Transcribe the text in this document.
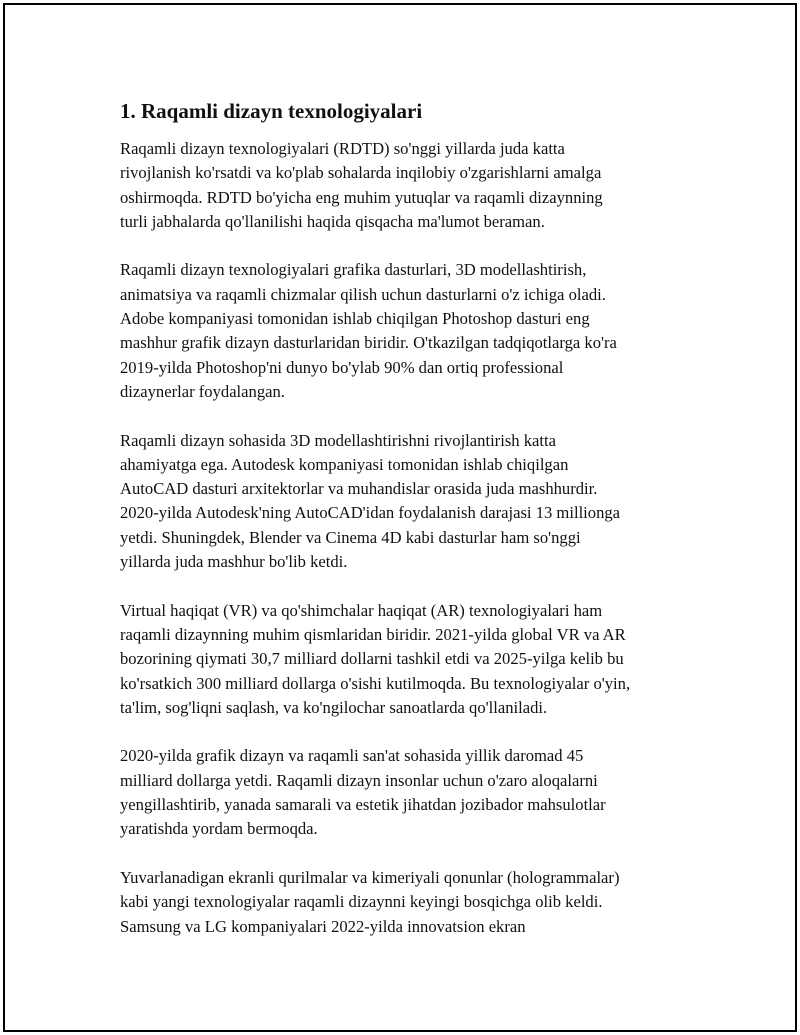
1. Raqamli dizayn texnologiyalari

Raqamli dizayn texnologiyalari (RDTD) so'nggi yillarda juda katta
rivojlanish ko'rsatdi va ko'plab sohalarda inqilobiy o'zgarishlarni amalga
oshirmoqda. RDTD bo'yicha eng muhim yutuqlar va raqamli dizaynning
turli jabhalarda qo'llanilishi haqida qisqacha ma'lumot beraman.

Raqamli dizayn texnologiyalari grafika dasturlari, 3D modellashtirish,
animatsiya va raqamli chizmalar qilish uchun dasturlarni o'z ichiga oladi.
Adobe kompaniyasi tomonidan ishlab chiqilgan Photoshop dasturi eng
mashhur grafik dizayn dasturlaridan biridir. O'tkazilgan tadqiqotlarga ko'ra
2019-yilda Photoshop'ni dunyo bo'ylab 90% dan ortiq professional
dizaynerlar foydalangan.

Raqamli dizayn sohasida 3D modellashtirishni rivojlantirish katta
ahamiyatga ega. Autodesk kompaniyasi tomonidan ishlab chiqilgan
AutoCAD dasturi arxitektorlar va muhandislar orasida juda mashhurdir.
2020-yilda Autodesk'ning AutoCAD'idan foydalanish darajasi 13 millionga
yetdi. Shuningdek, Blender va Cinema 4D kabi dasturlar ham so'nggi
yillarda juda mashhur bo'lib ketdi.

Virtual haqiqat (VR) va qo'shimchalar haqiqat (AR) texnologiyalari ham
raqamli dizaynning muhim qismlaridan biridir. 2021-yilda global VR va AR
bozorining qiymati 30,7 milliard dollarni tashkil etdi va 2025-yilga kelib bu
ko'rsatkich 300 milliard dollarga o'sishi kutilmoqda. Bu texnologiyalar o'yin,
ta'lim, sog'liqni saqlash, va ko'ngilochar sanoatlarda qo'llaniladi.

2020-yilda grafik dizayn va raqamli san'at sohasida yillik daromad 45
milliard dollarga yetdi. Raqamli dizayn insonlar uchun o'zaro aloqalarni
yengillashtirib, yanada samarali va estetik jihatdan jozibador mahsulotlar
yaratishda yordam bermoqda.

Yuvarlanadigan ekranli qurilmalar va kimeriyali qonunlar (hologrammalar)
kabi yangi texnologiyalar raqamli dizaynni keyingi bosqichga olib keldi.
Samsung va LG kompaniyalari 2022-yilda innovatsion ekran
